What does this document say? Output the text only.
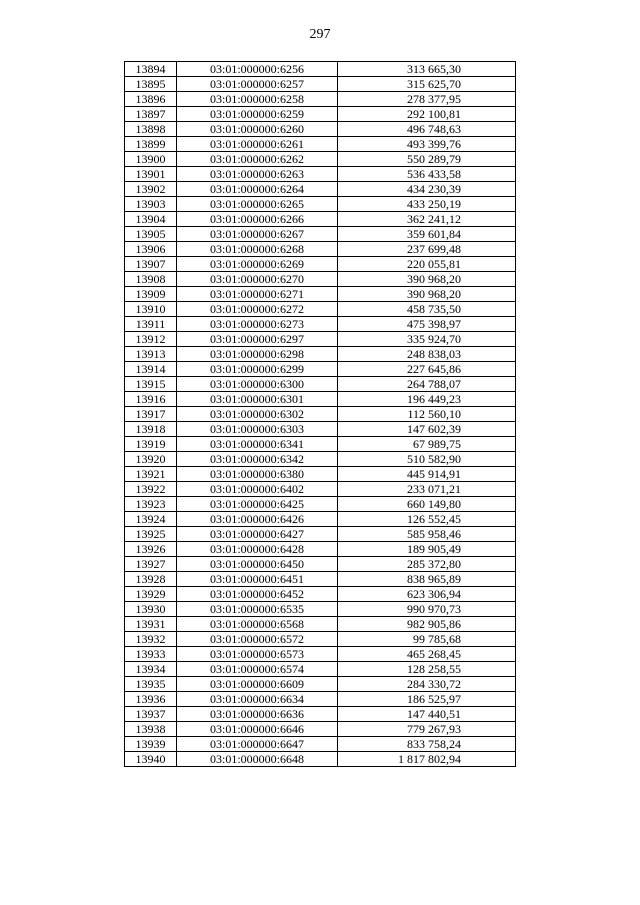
297
13894	03:01:000000:6256	313 665,30
13895	03:01:000000:6257	315 625,70
13896	03:01:000000:6258	278 377,95
13897	03:01:000000:6259	292 100,81
13898	03:01:000000:6260	496 748,63
13899	03:01:000000:6261	493 399,76
13900	03:01:000000:6262	550 289,79
13901	03:01:000000:6263	536 433,58
13902	03:01:000000:6264	434 230,39
13903	03:01:000000:6265	433 250,19
13904	03:01:000000:6266	362 241,12
13905	03:01:000000:6267	359 601,84
13906	03:01:000000:6268	237 699,48
13907	03:01:000000:6269	220 055,81
13908	03:01:000000:6270	390 968,20
13909	03:01:000000:6271	390 968,20
13910	03:01:000000:6272	458 735,50
13911	03:01:000000:6273	475 398,97
13912	03:01:000000:6297	335 924,70
13913	03:01:000000:6298	248 838,03
13914	03:01:000000:6299	227 645,86
13915	03:01:000000:6300	264 788,07
13916	03:01:000000:6301	196 449,23
13917	03:01:000000:6302	112 560,10
13918	03:01:000000:6303	147 602,39
13919	03:01:000000:6341	67 989,75
13920	03:01:000000:6342	510 582,90
13921	03:01:000000:6380	445 914,91
13922	03:01:000000:6402	233 071,21
13923	03:01:000000:6425	660 149,80
13924	03:01:000000:6426	126 552,45
13925	03:01:000000:6427	585 958,46
13926	03:01:000000:6428	189 905,49
13927	03:01:000000:6450	285 372,80
13928	03:01:000000:6451	838 965,89
13929	03:01:000000:6452	623 306,94
13930	03:01:000000:6535	990 970,73
13931	03:01:000000:6568	982 905,86
13932	03:01:000000:6572	99 785,68
13933	03:01:000000:6573	465 268,45
13934	03:01:000000:6574	128 258,55
13935	03:01:000000:6609	284 330,72
13936	03:01:000000:6634	186 525,97
13937	03:01:000000:6636	147 440,51
13938	03:01:000000:6646	779 267,93
13939	03:01:000000:6647	833 758,24
13940	03:01:000000:6648	1 817 802,94
